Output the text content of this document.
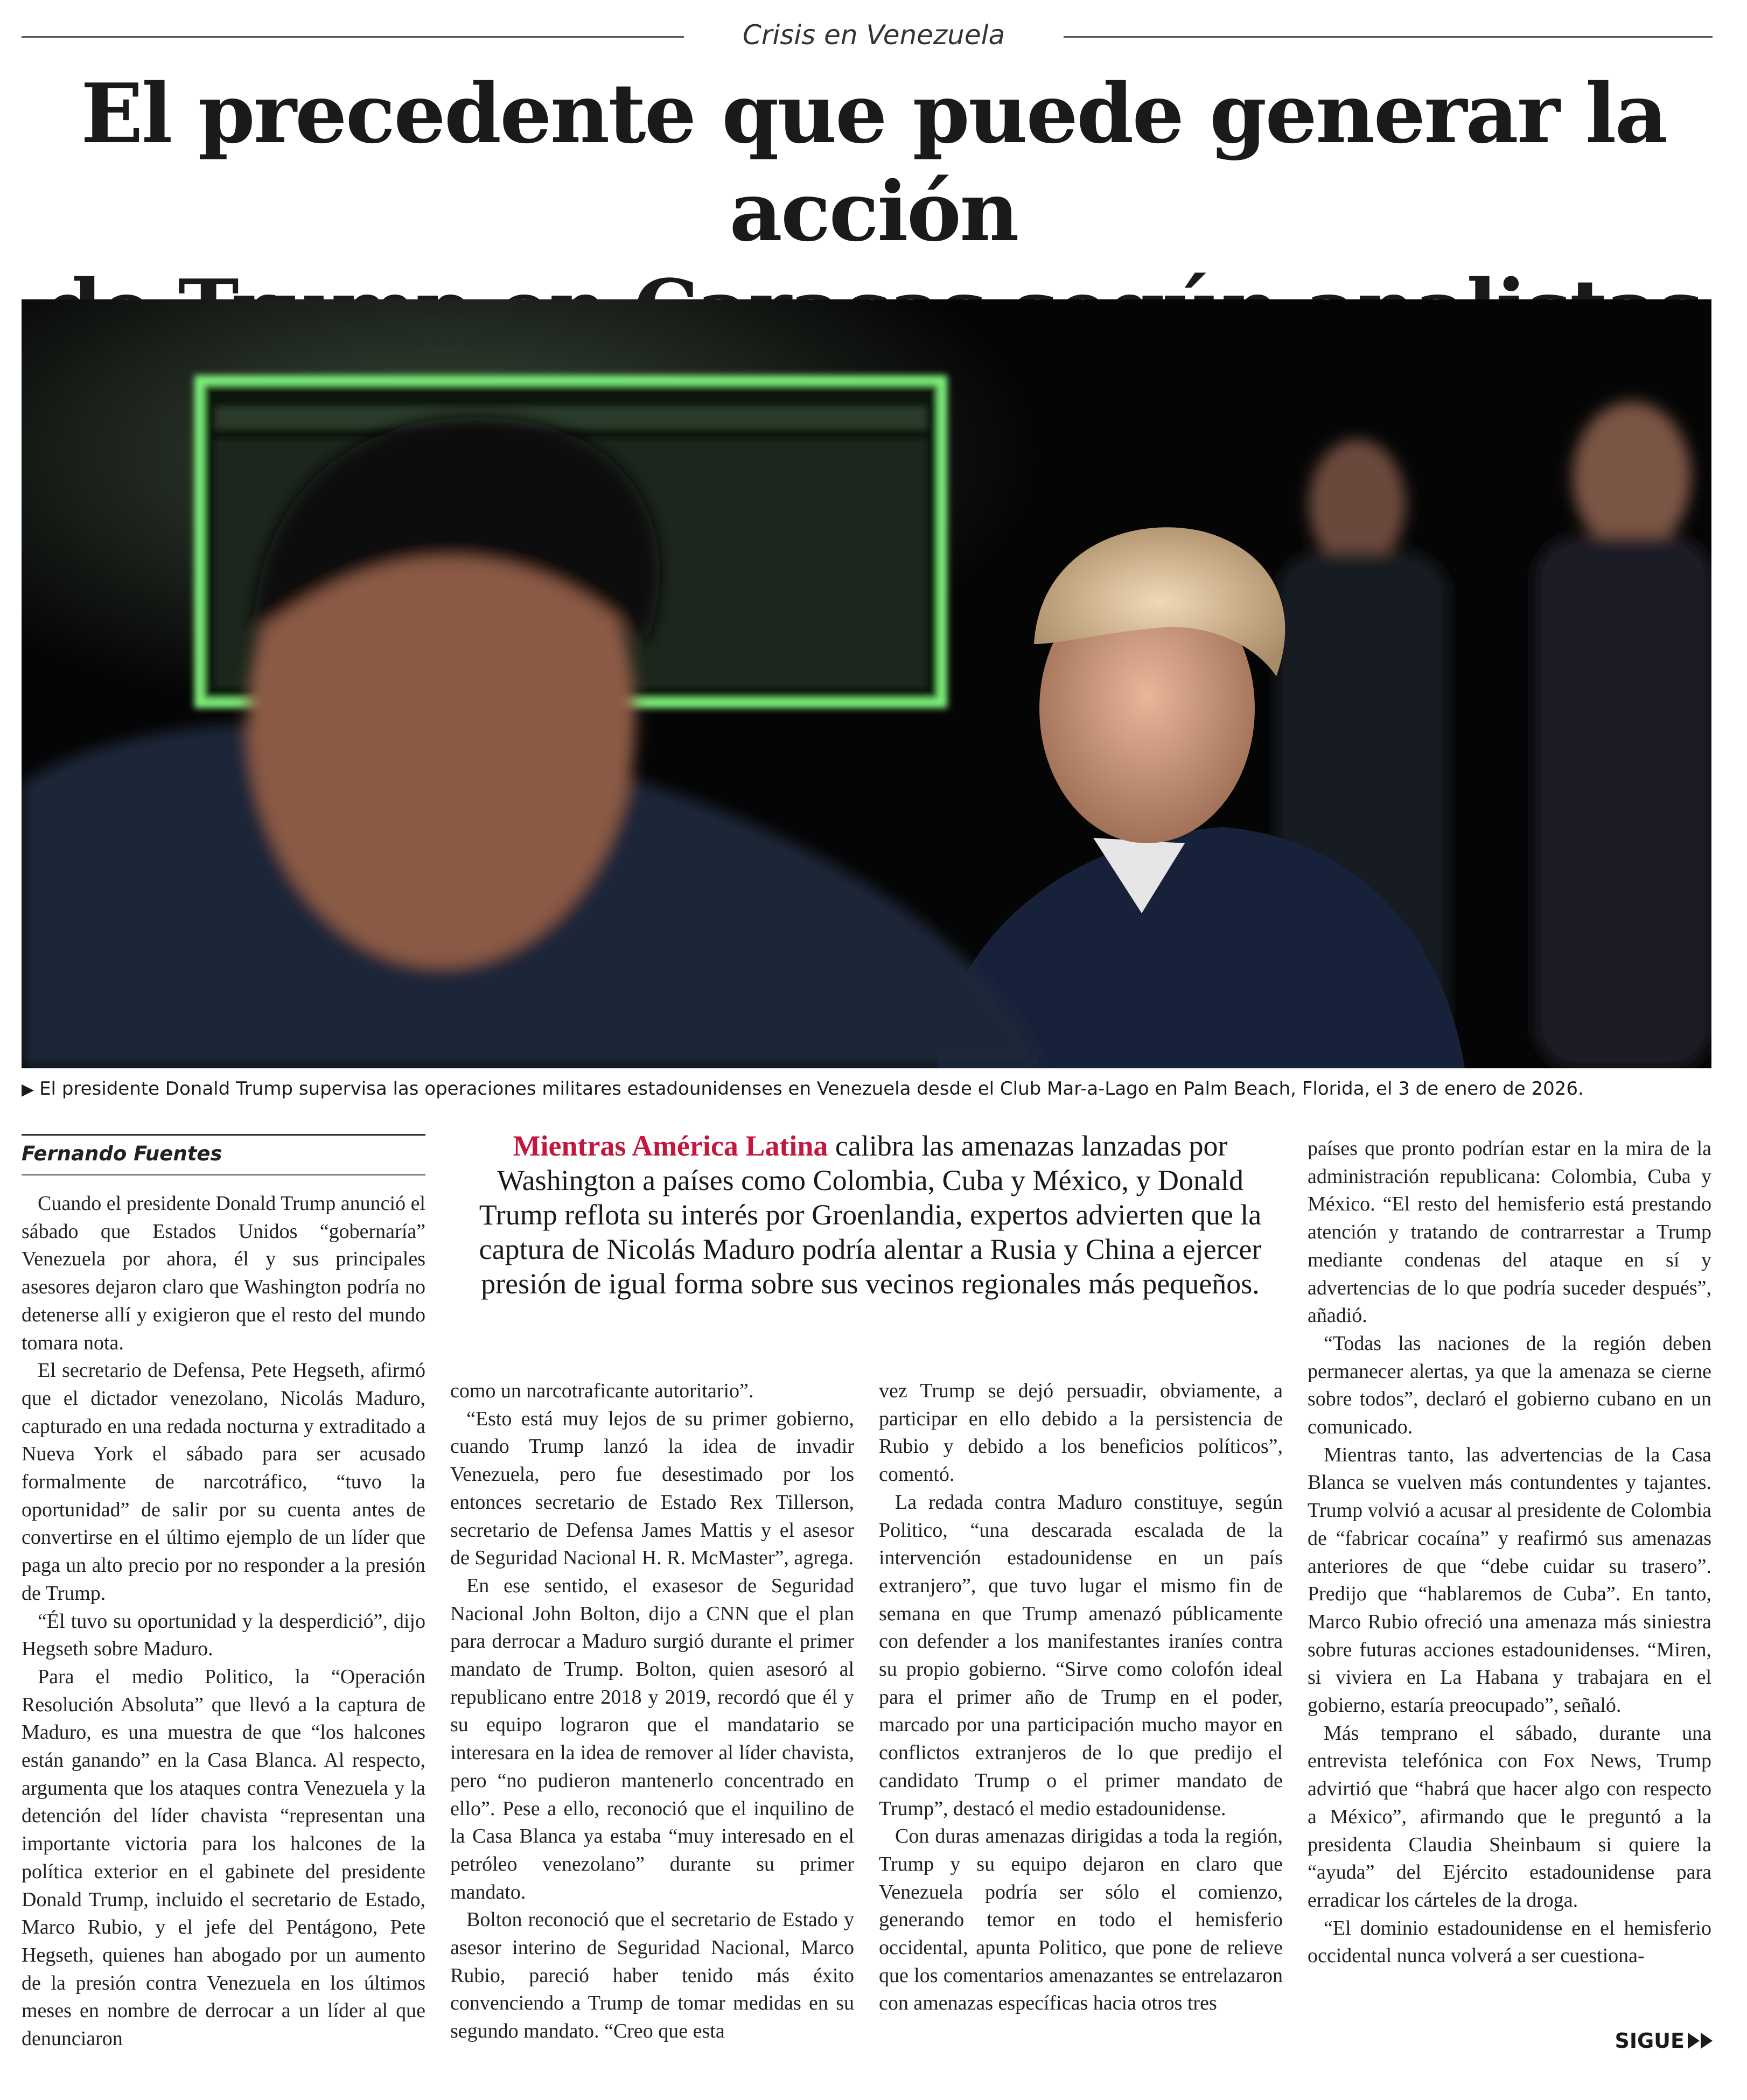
Crisis en Venezuela
El precedente que puede generar la acción
▶ El presidente Donald Trump supervisa las operaciones militares estadounidenses en Venezuela desde el Club Mar-a-Lago en Palm Beach, Florida, el 3 de enero de 2026.
Fernando Fuentes

Cuando el presidente Donald Trump anunció el sábado que Estados Unidos “gobernaría” Venezuela por ahora, él y sus principales asesores dejaron claro que Washington podría no detenerse allí y exigieron que el resto del mundo tomara nota.

El secretario de Defensa, Pete Hegseth, afirmó que el dictador venezolano, Nicolás Maduro, capturado en una redada nocturna y extraditado a Nueva York el sábado para ser acusado formalmente de narcotráfico, “tuvo la oportunidad” de salir por su cuenta antes de convertirse en el último ejemplo de un líder que paga un alto precio por no responder a la presión de Trump.

“Él tuvo su oportunidad y la desperdició”, dijo Hegseth sobre Maduro.

Para el medio Politico, la “Operación Resolución Absoluta” que llevó a la captura de Maduro, es una muestra de que “los halcones están ganando” en la Casa Blanca. Al respecto, argumenta que los ataques contra Venezuela y la detención del líder chavista “representan una importante victoria para los halcones de la política exterior en el gabinete del presidente Donald Trump, incluido el secretario de Estado, Marco Rubio, y el jefe del Pentágono, Pete Hegseth, quienes han abogado por un aumento de la presión contra Venezuela en los últimos meses en nombre de derrocar a un líder al que denunciaron

Mientras América Latina calibra las amenazas lanzadas por Washington a países como Colombia, Cuba y México, y Donald Trump reflota su interés por Groenlandia, expertos advierten que la captura de Nicolás Maduro podría alentar a Rusia y China a ejercer presión de igual forma sobre sus vecinos regionales más pequeños.

como un narcotraficante autoritario”.

“Esto está muy lejos de su primer gobierno, cuando Trump lanzó la idea de invadir Venezuela, pero fue desestimado por los entonces secretario de Estado Rex Tillerson, secretario de Defensa James Mattis y el asesor de Seguridad Nacional H. R. McMaster”, agrega.

En ese sentido, el exasesor de Seguridad Nacional John Bolton, dijo a CNN que el plan para derrocar a Maduro surgió durante el primer mandato de Trump. Bolton, quien asesoró al republicano entre 2018 y 2019, recordó que él y su equipo lograron que el mandatario se interesara en la idea de remover al líder chavista, pero “no pudieron mantenerlo concentrado en ello”. Pese a ello, reconoció que el inquilino de la Casa Blanca ya estaba “muy interesado en el petróleo venezolano” durante su primer mandato.

Bolton reconoció que el secretario de Estado y asesor interino de Seguridad Nacional, Marco Rubio, pareció haber tenido más éxito convenciendo a Trump de tomar medidas en su segundo mandato. “Creo que esta

vez Trump se dejó persuadir, obviamente, a participar en ello debido a la persistencia de Rubio y debido a los beneficios políticos”, comentó.

La redada contra Maduro constituye, según Politico, “una descarada escalada de la intervención estadounidense en un país extranjero”, que tuvo lugar el mismo fin de semana en que Trump amenazó públicamente con defender a los manifestantes iraníes contra su propio gobierno. “Sirve como colofón ideal para el primer año de Trump en el poder, marcado por una participación mucho mayor en conflictos extranjeros de lo que predijo el candidato Trump o el primer mandato de Trump”, destacó el medio estadounidense.

Con duras amenazas dirigidas a toda la región, Trump y su equipo dejaron en claro que Venezuela podría ser sólo el comienzo, generando temor en todo el hemisferio occidental, apunta Politico, que pone de relieve que los comentarios amenazantes se entrelazaron con amenazas específicas hacia otros tres

países que pronto podrían estar en la mira de la administración republicana: Colombia, Cuba y México. “El resto del hemisferio está prestando atención y tratando de contrarrestar a Trump mediante condenas del ataque en sí y advertencias de lo que podría suceder después”, añadió.

“Todas las naciones de la región deben permanecer alertas, ya que la amenaza se cierne sobre todos”, declaró el gobierno cubano en un comunicado.

Mientras tanto, las advertencias de la Casa Blanca se vuelven más contundentes y tajantes. Trump volvió a acusar al presidente de Colombia de “fabricar cocaína” y reafirmó sus amenazas anteriores de que “debe cuidar su trasero”. Predijo que “hablaremos de Cuba”. En tanto, Marco Rubio ofreció una amenaza más siniestra sobre futuras acciones estadounidenses. “Miren, si viviera en La Habana y trabajara en el gobierno, estaría preocupado”, señaló.

Más temprano el sábado, durante una entrevista telefónica con Fox News, Trump advirtió que “habrá que hacer algo con respecto a México”, afirmando que le preguntó a la presidenta Claudia Sheinbaum si quiere la “ayuda” del Ejército estadounidense para erradicar los cárteles de la droga.

“El dominio estadounidense en el hemisferio occidental nunca volverá a ser cuestiona-

SIGUE
